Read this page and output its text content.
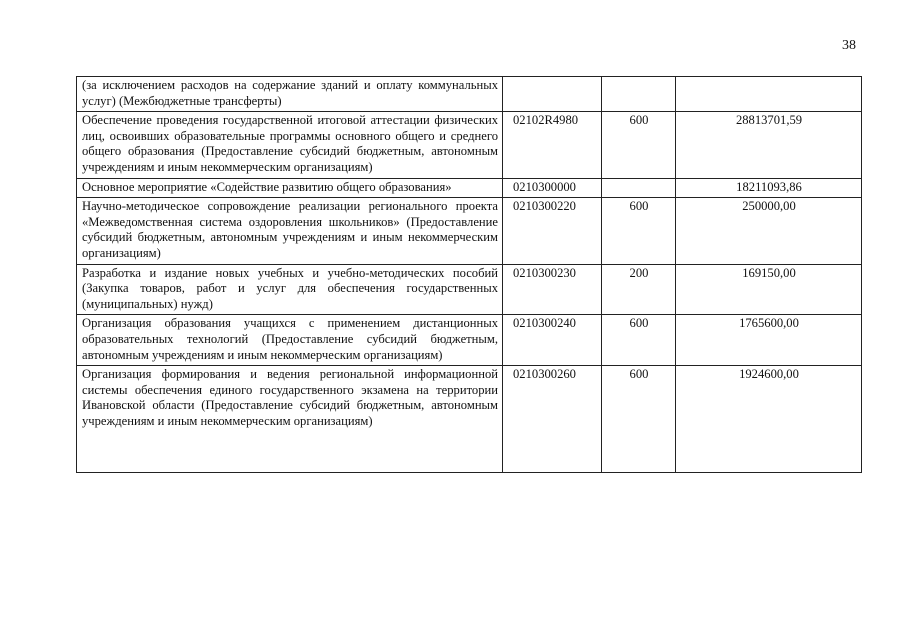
38
(за исключением расходов на содержание зданий и оплату коммунальных услуг) (Межбюджетные трансферты)			
Обеспечение проведения государственной итоговой аттестации физических лиц, освоивших образовательные программы основного общего и среднего общего образования (Предоставление субсидий бюджетным, автономным учреждениям и иным некоммерческим организациям)	02102R4980	600	28813701,59
Основное мероприятие «Содействие развитию общего образования»	0210300000		18211093,86
Научно-методическое сопровождение реализации регионального проекта «Межведомственная система оздоровления школьников» (Предоставление субсидий бюджетным, автономным учреждениям и иным некоммерческим организациям)	0210300220	600	250000,00
Разработка и издание новых учебных и учебно-методических пособий (Закупка товаров, работ и услуг для обеспечения государственных (муниципальных) нужд)	0210300230	200	169150,00
Организация образования учащихся с применением дистанционных образовательных технологий (Предоставление субсидий бюджетным, автономным учреждениям и иным некоммерческим организациям)	0210300240	600	1765600,00
Организация формирования и ведения региональной информационной системы обеспечения единого государственного экзамена на территории Ивановской области (Предоставление субсидий бюджетным, автономным учреждениям и иным некоммерческим организациям)	0210300260	600	1924600,00
